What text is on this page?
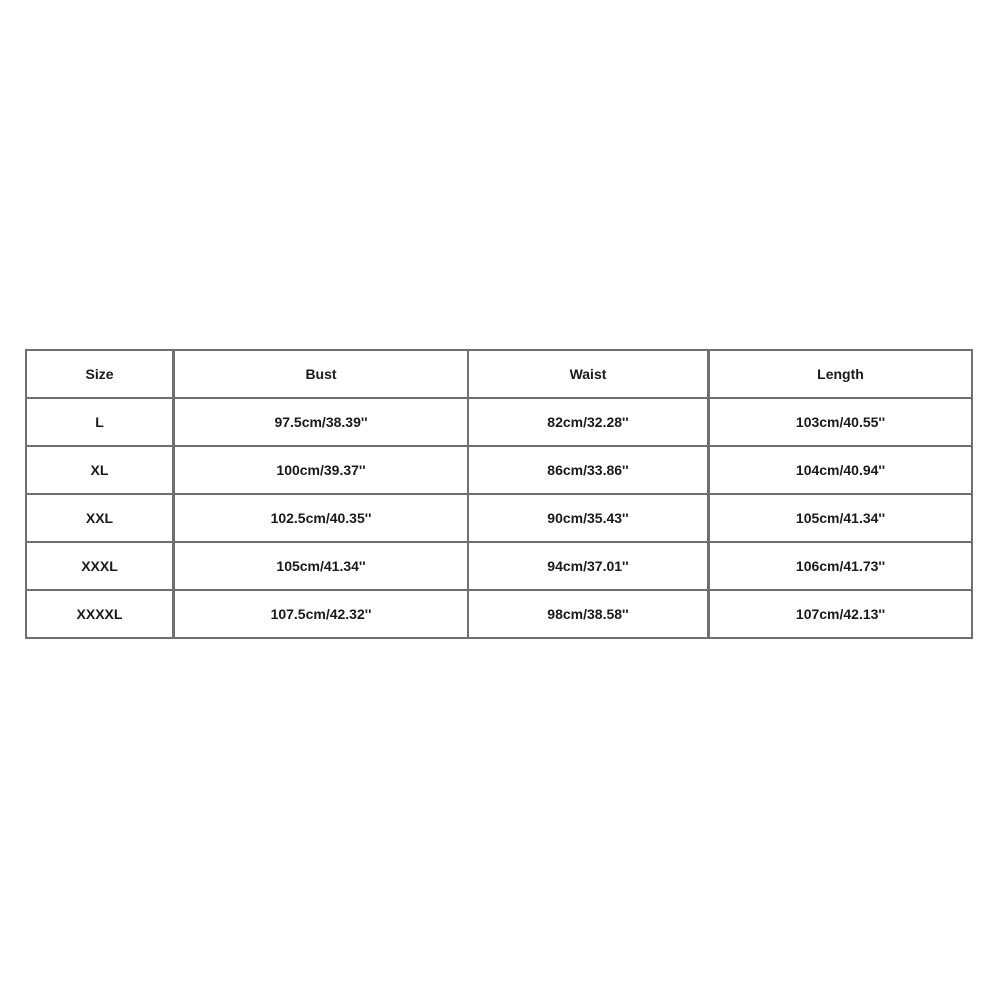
Size	Bust	Waist	Length
L	97.5cm/38.39''	82cm/32.28''	103cm/40.55''
XL	100cm/39.37''	86cm/33.86''	104cm/40.94''
XXL	102.5cm/40.35''	90cm/35.43''	105cm/41.34''
XXXL	105cm/41.34''	94cm/37.01''	106cm/41.73''
XXXXL	107.5cm/42.32''	98cm/38.58''	107cm/42.13''
